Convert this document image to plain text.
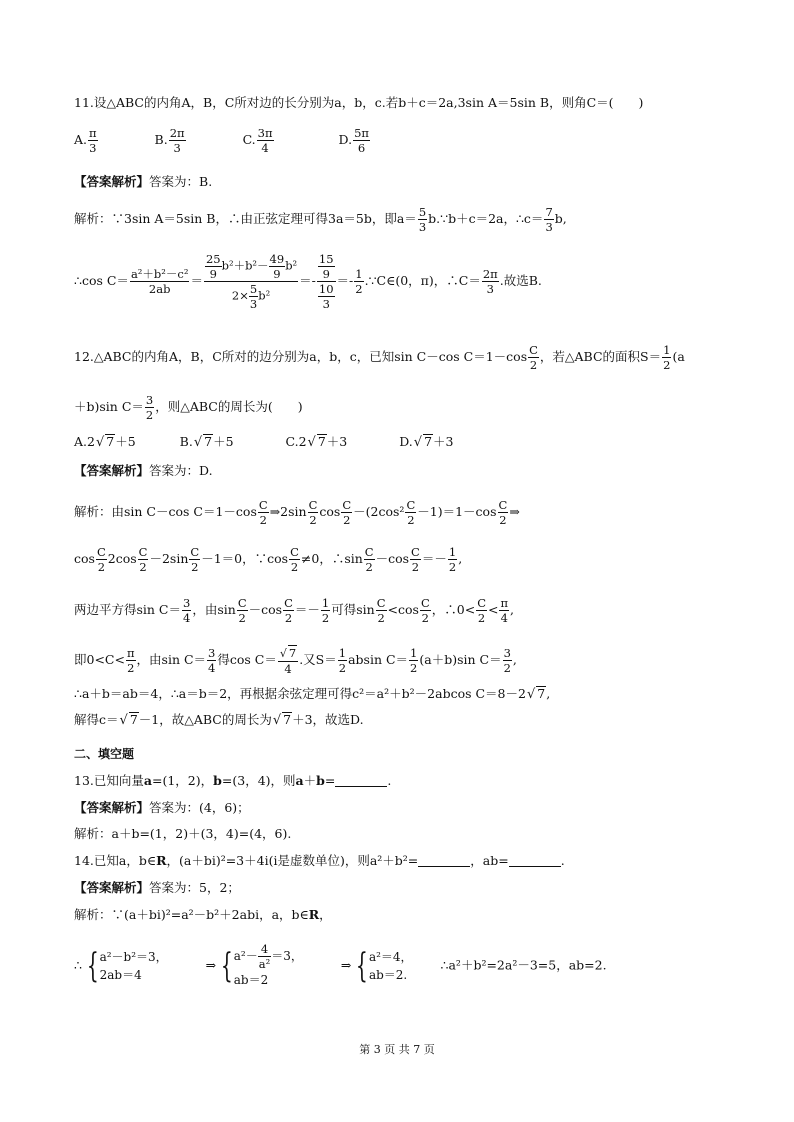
11.设△ABC的内角A，B，C所对边的长分别为a，b，c.若b＋c＝2a,3sin A＝5sin B，则角C＝(　　)
A. $\frac{\pi}{3}$	B. $\frac{2\pi}{3}$	C. $\frac{3\pi}{4}$	D. $\frac{5\pi}{6}$
【答案解析】答案为：B.
解析：∵3sin A＝5sin B，∴由正弦定理可得3a＝5b，即$a= \frac{5}{3}$ b.∵b＋c＝2a，∴c＝ $\frac{7}{3} b$,
∴cos $C= \frac{\text{a²＋b²－c²}}{2ab} = \frac{\frac{25}{9} b^2+b^2- \frac{49}{9} b^2}{2\times \frac{5}{3} b^2} =- \frac{\frac{15}{9}}{\frac{10}{3}} =- \frac{1}{2}$ .∵C∈(0，π)，∴C＝ $\frac{2\pi}{3}$ .故选B.
12.△ABC的内角A，B，C所对的边分别为a，b，c，已知sin C－cos $C=1-\cos \frac{C}{2}$ ，若△ABC的面积$S= \frac{1}{2} (a$
＋b)sin $C= \frac{3}{2}$ ，则△ABC的周长为(　　)
A.2√ 7＋5	B.√ 7＋5	C.2√ 7＋3	D.√ 7＋3
【答案解析】答案为：D.
解析：由sin C－cos $C=1-\cos \frac{C}{2}$ ⇒2sin $\frac{C}{2}$ $\cos \frac{C}{2} -(2\cos^2 \frac{C}{2} -1)=1-\cos \frac{C}{2}$ ⇒
$\cos \frac{C}{2} 2\cos \frac{C}{2} -2\sin \frac{C}{2} -1=0$，∵cos $\frac{C}{2} \ne 0$，∴sin $\frac{C}{2} -\cos \frac{C}{2} =- \frac{1}{2}$ ,
两边平方得$\sin C= \frac{3}{4}$ ，由$\sin \frac{C}{2} -\cos \frac{C}{2} =- \frac{1}{2}$ 可得$\sin \frac{C}{2} <\cos \frac{C}{2}$ ，∴0< $\frac{C}{2} < \frac{\pi}{4}$ ,
即$0<C< \frac{\pi}{2}$ ，由$\sin C= \frac{3}{4}$ 得$\cos C= \frac{√ 7}{4}$ .又$S= \frac{1}{2}$ absin $C= \frac{1}{2} (a+b)\sin$ $C= \frac{3}{2}$ ,
∴a＋b＝ab＝4，∴a＝b＝2，再根据余弦定理可得c²＝a²＋b²－2abcos C＝8－2√ 7,
解得c＝√ 7－1，故△ABC的周长为√ 7＋3，故选D.
二、填空题
13.已知向量a=(1，2)，b=(3，4)，则a＋b=	.
【答案解析】答案为：(4，6)；
解析：a＋b=(1，2)＋(3，4)=(4，6).
14.已知a，b∈R，(a＋bi)²=3＋4i(i是虚数单位)，则a²＋b²=	，ab=	.
【答案解析】答案为：5，2；
解析：∵(a＋bi)²=a²－b²＋2abi，a，b∈R，
∴ { a²－b²＝3，
2ab＝4
⇒ { $a^2- \frac{4}{\text{a²}} =3$，
ab＝2
⇒ { a²＝4，
ab＝2.
∴a²＋b²=2a²－3=5，ab=2.
第 3 页 共 7 页
